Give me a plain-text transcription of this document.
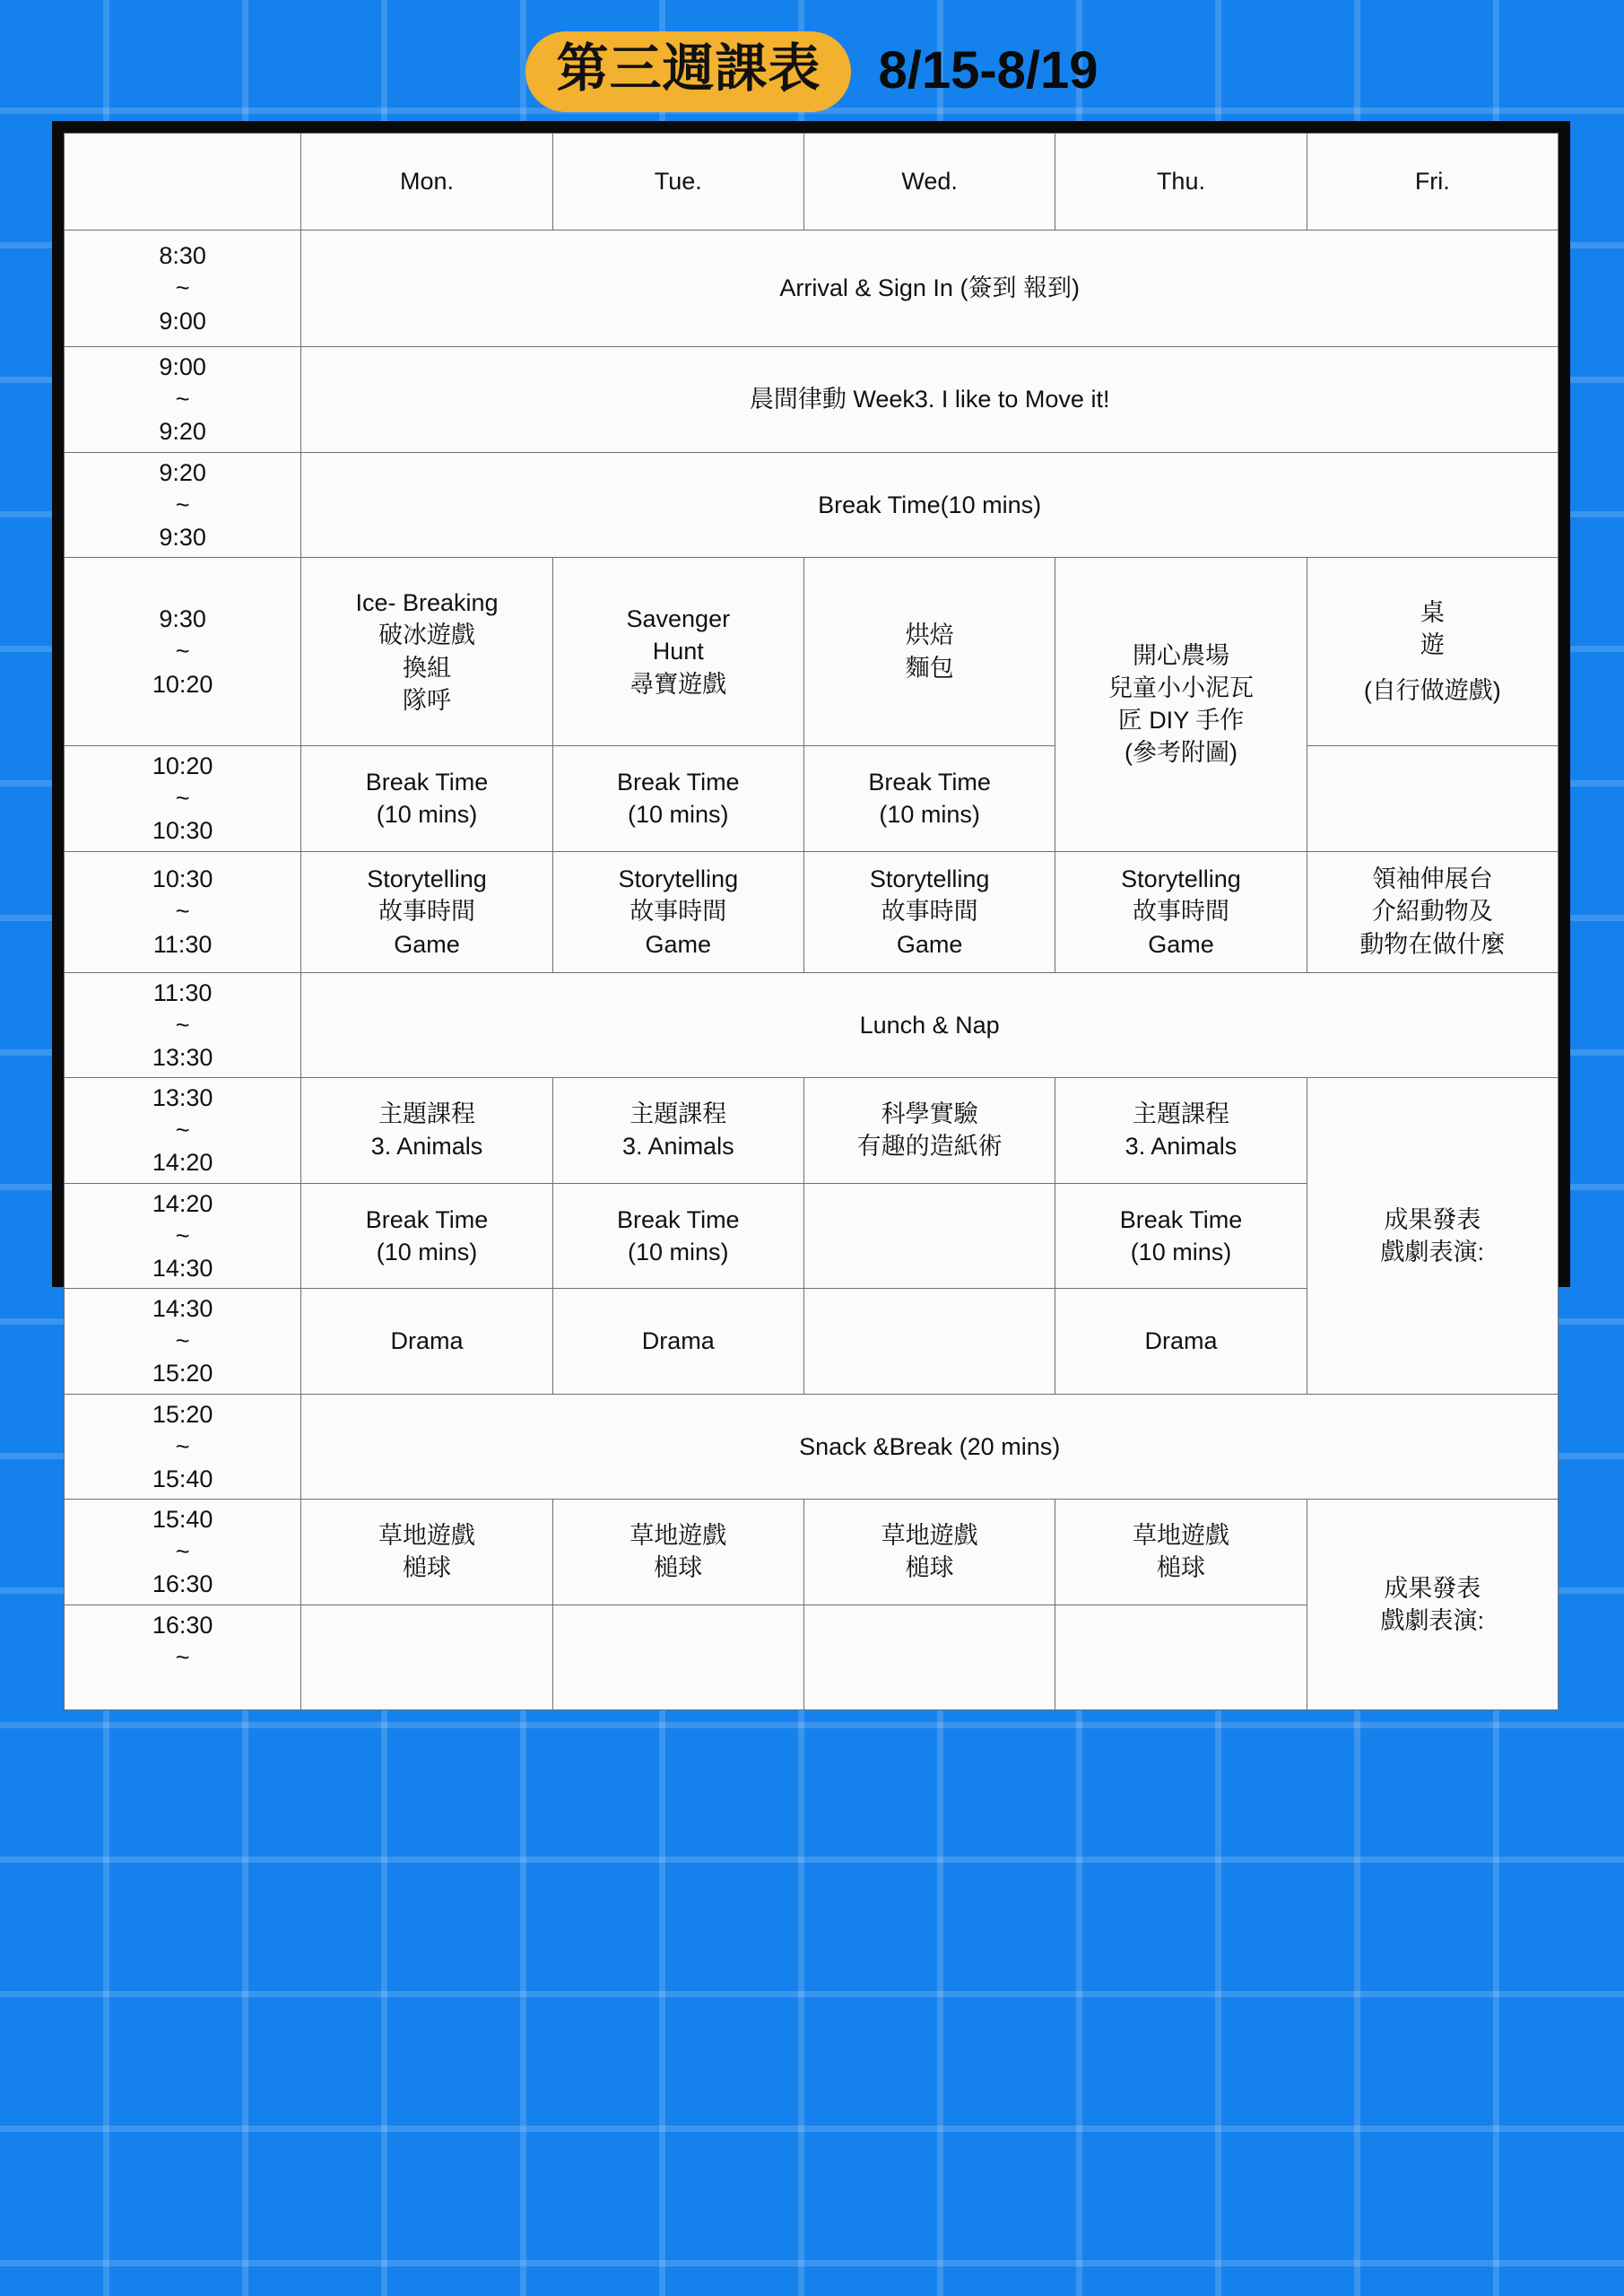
第三週課表	8/15-8/19
	Mon.	Tue.	Wed.	Thu.	Fri.

8:30
~
9:00	Arrival & Sign In (簽到 報到)				

9:00
~
9:20	晨間律動 Week3. I like to Move it!				

9:20
~
9:30	Break Time(10 mins)				

9:30
~
10:20	Ice- Breaking
破冰遊戲
換組
隊呼	Savenger
Hunt
尋寶遊戲	烘焙
麵包	開心農場
兒童小小泥瓦
匠 DIY 手作
(參考附圖)	桌
遊
(自行做遊戲)

10:20
~
10:30	Break Time
(10 mins)	Break Time
(10 mins)	Break Time
(10 mins)		

10:30
~
11:30	Storytelling
故事時間
Game	Storytelling
故事時間
Game	Storytelling
故事時間
Game	Storytelling
故事時間
Game	領袖伸展台
介紹動物及
動物在做什麼

11:30
~
13:30	Lunch & Nap				

13:30
~
14:20	主題課程
3. Animals	主題課程
3. Animals	科學實驗
有趣的造紙術	主題課程
3. Animals	成果發表
戲劇表演:

14:20
~
14:30	Break Time
(10 mins)	Break Time
(10 mins)		Break Time
(10 mins)	

14:30
~
15:20	Drama	Drama		Drama	

15:20
~
15:40	Snack &Break (20 mins)				

15:40
~
16:30	草地遊戲
槌球	草地遊戲
槌球	草地遊戲
槌球	草地遊戲
槌球	成果發表
戲劇表演:

16:30
~					
